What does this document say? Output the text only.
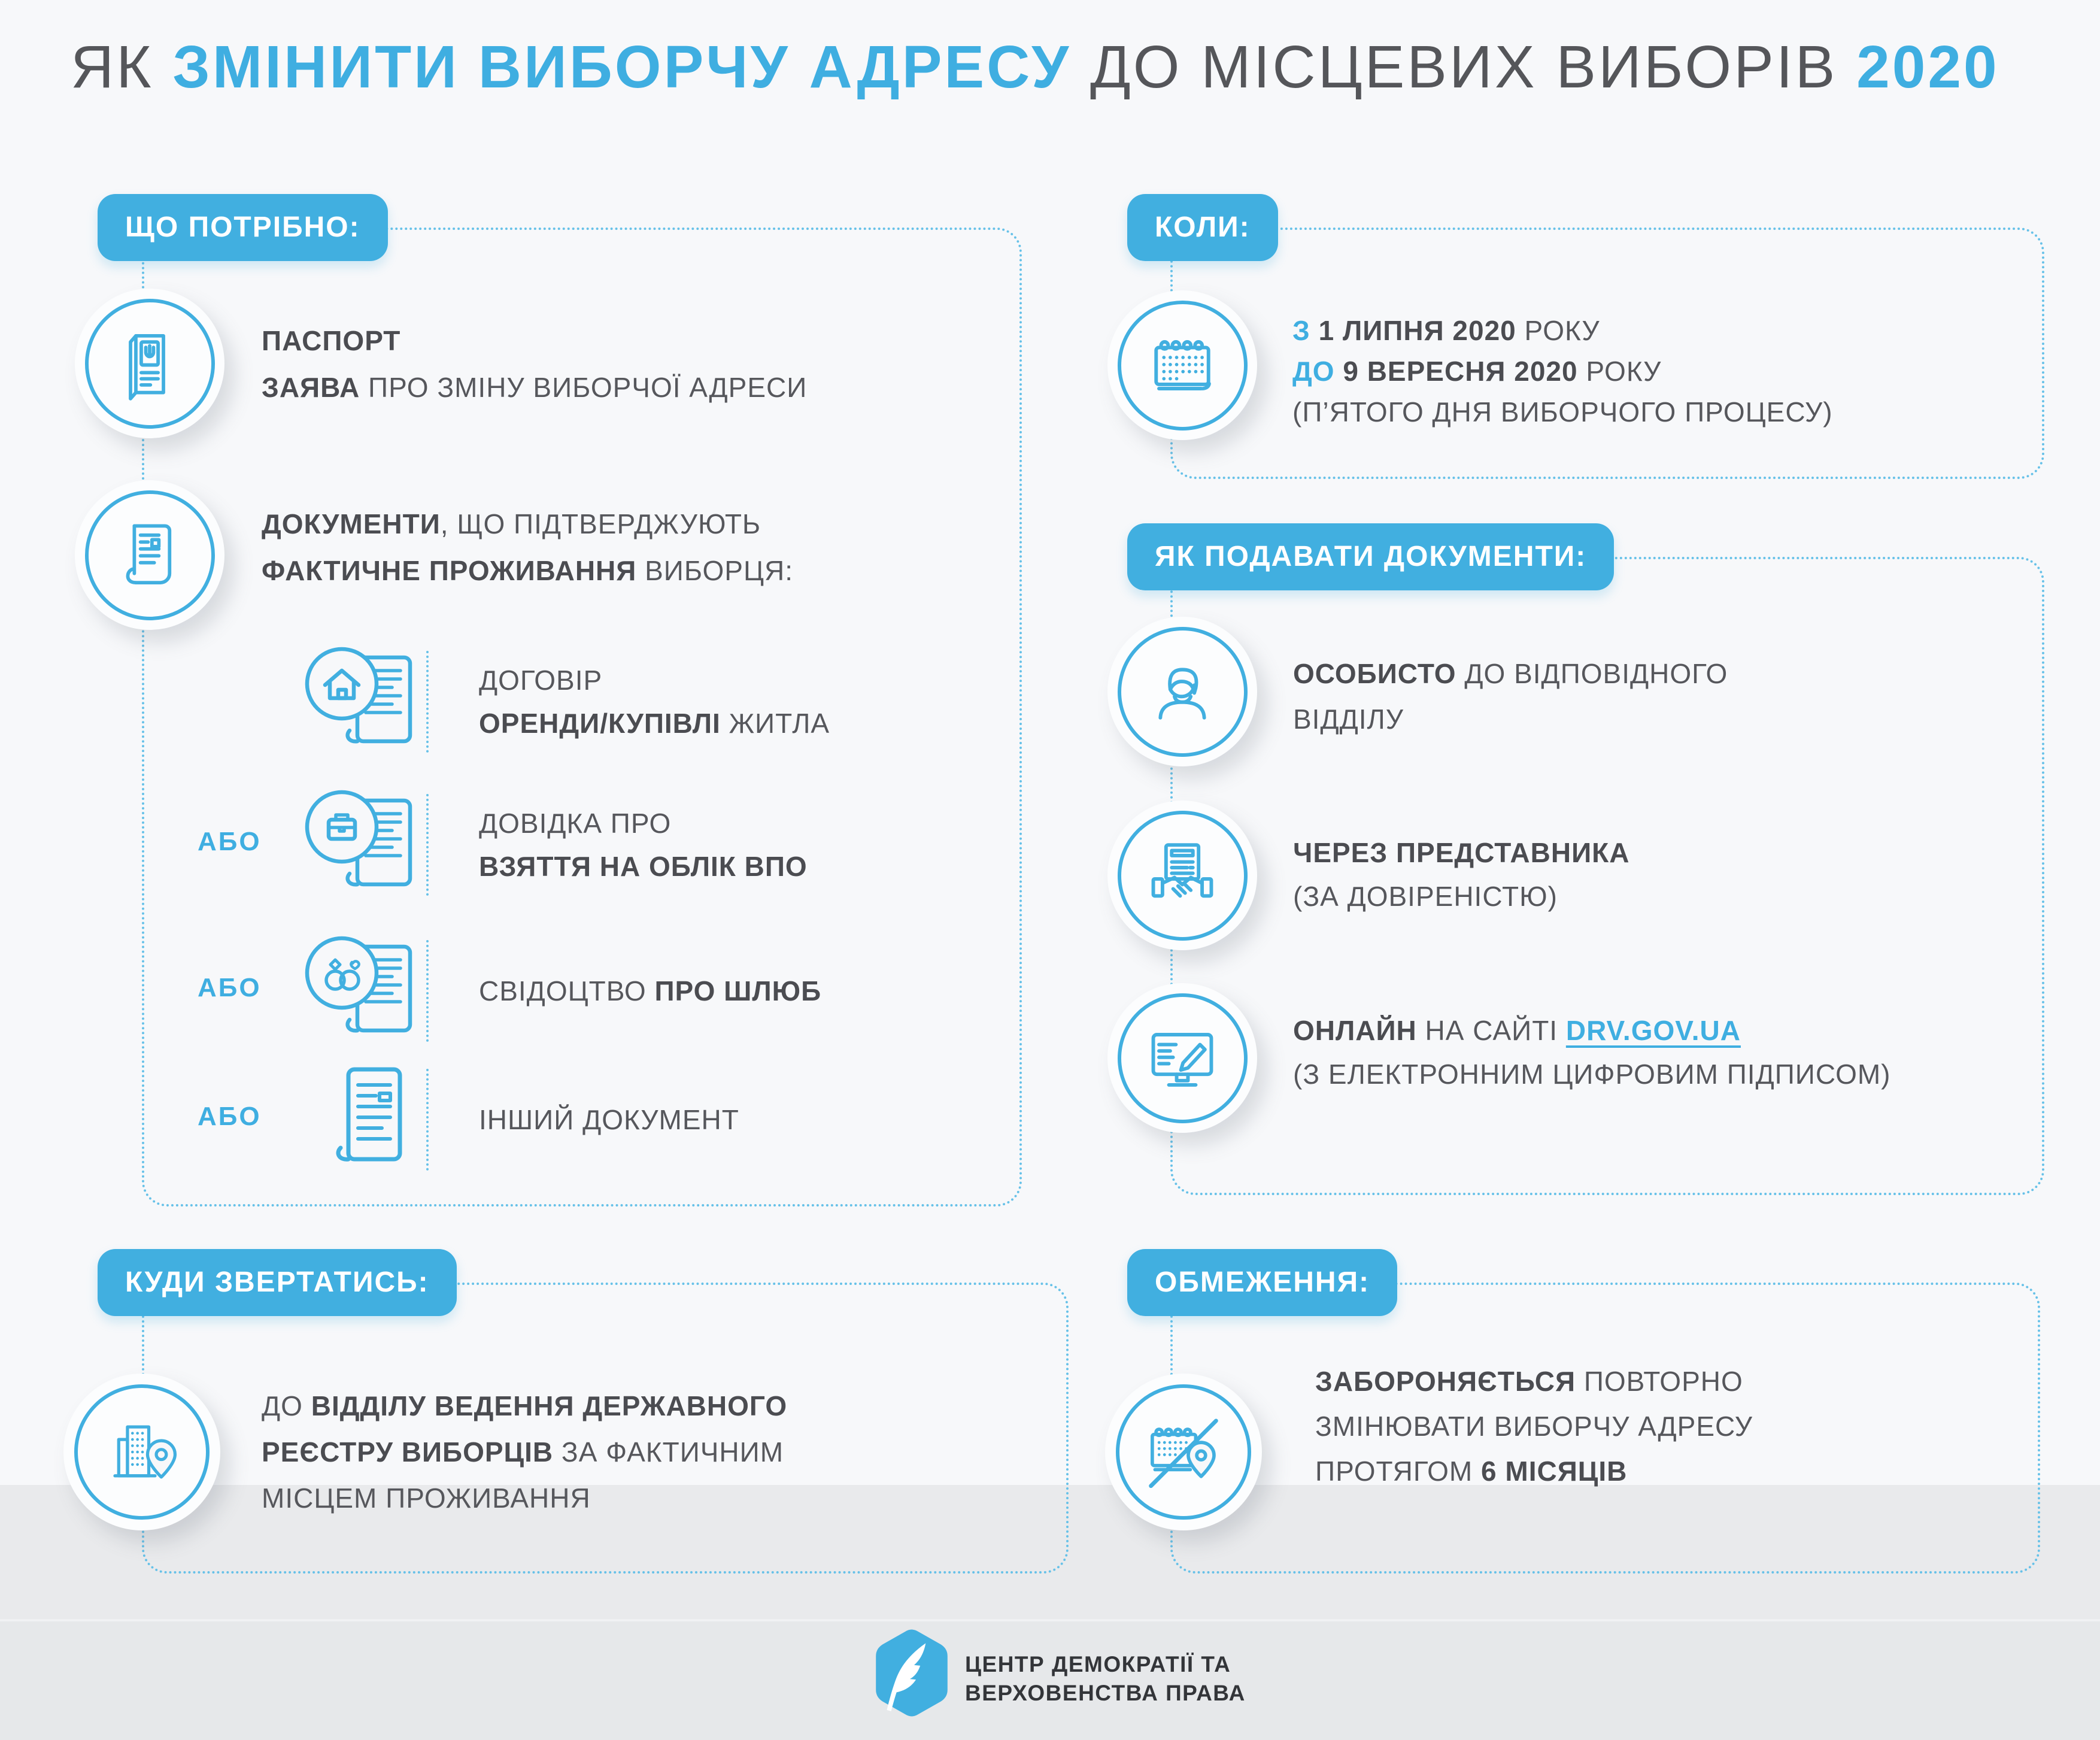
ЯК ЗМІНИТИ ВИБОРЧУ АДРЕСУ ДО МІСЦЕВИХ ВИБОРІВ 2020
ЩО ПОТРІБНО:
ПАСПОРТ
ЗАЯВА ПРО ЗМІНУ ВИБОРЧОЇ АДРЕСИ
ДОКУМЕНТИ, ЩО ПІДТВЕРДЖУЮТЬ
ФАКТИЧНЕ ПРОЖИВАННЯ ВИБОРЦЯ:
ДОГОВІР
ОРЕНДИ/КУПІВЛІ ЖИТЛА
АБО
ДОВІДКА ПРО
ВЗЯТТЯ НА ОБЛІК ВПО
АБО	СВІДОЦТВО ПРО ШЛЮБ
АБО	ІНШИЙ ДОКУМЕНТ
КОЛИ:
З 1 ЛИПНЯ 2020 РОКУ
ДО 9 ВЕРЕСНЯ 2020 РОКУ
(П’ЯТОГО ДНЯ ВИБОРЧОГО ПРОЦЕСУ)
ЯК ПОДАВАТИ ДОКУМЕНТИ:
ОСОБИСТО ДО ВІДПОВІДНОГО
ВІДДІЛУ
ЧЕРЕЗ ПРЕДСТАВНИКА
(ЗА ДОВІРЕНІСТЮ)
ОНЛАЙН НА САЙТІ DRV.GOV.UA
(З ЕЛЕКТРОННИМ ЦИФРОВИМ ПІДПИСОМ)
КУДИ ЗВЕРТАТИСЬ:
ДО ВІДДІЛУ ВЕДЕННЯ ДЕРЖАВНОГО
РЕЄСТРУ ВИБОРЦІВ ЗА ФАКТИЧНИМ
МІСЦЕМ ПРОЖИВАННЯ
ОБМЕЖЕННЯ:
ЗАБОРОНЯЄТЬСЯ ПОВТОРНО
ЗМІНЮВАТИ ВИБОРЧУ АДРЕСУ
ПРОТЯГОМ 6 МІСЯЦІВ
ЦЕНТР ДЕМОКРАТІЇ ТА
ВЕРХОВЕНСТВА ПРАВА
